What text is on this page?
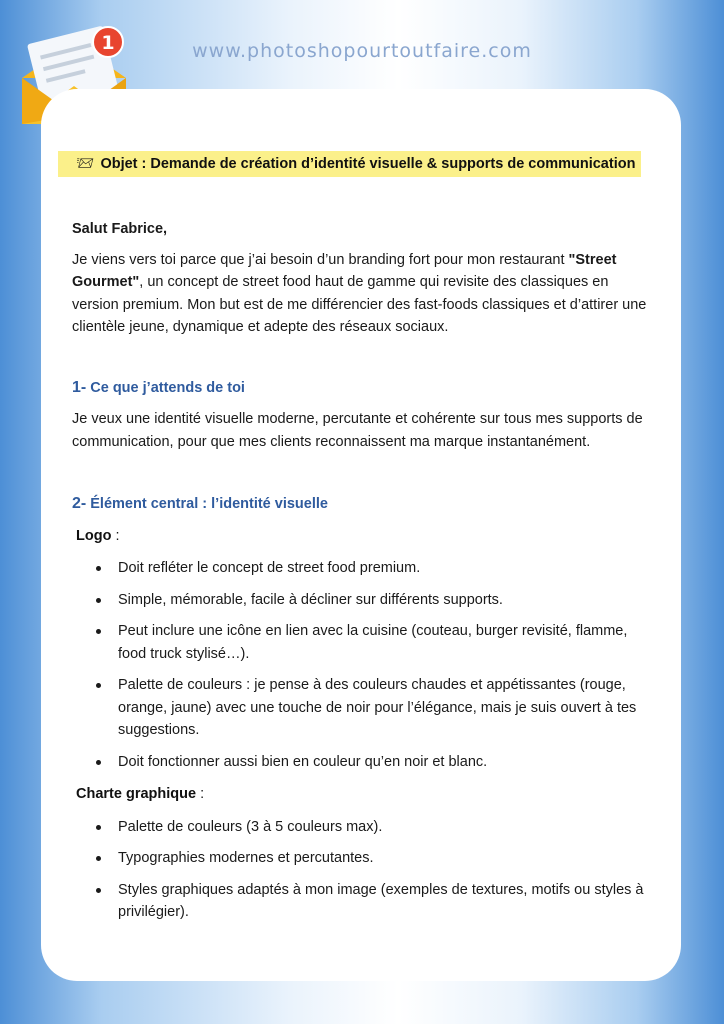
www.photoshopourtoutfaire.com
1
📨︎ Objet : Demande de création d’identité visuelle & supports de communication

Salut Fabrice,

Je viens vers toi parce que j’ai besoin d’un branding fort pour mon restaurant "Street Gourmet", un concept de street food haut de gamme qui revisite des classiques en version premium. Mon but est de me différencier des fast-foods classiques et d’attirer une clientèle jeune, dynamique et adepte des réseaux sociaux.

1- Ce que j’attends de toi

Je veux une identité visuelle moderne, percutante et cohérente sur tous mes supports de communication, pour que mes clients reconnaissent ma marque instantanément.

2- Élément central : l’identité visuelle

Logo :

Doit refléter le concept de street food premium.
Simple, mémorable, facile à décliner sur différents supports.
Peut inclure une icône en lien avec la cuisine (couteau, burger revisité, flamme, food truck stylisé…).
Palette de couleurs : je pense à des couleurs chaudes et appétissantes (rouge, orange, jaune) avec une touche de noir pour l’élégance, mais je suis ouvert à tes suggestions.
Doit fonctionner aussi bien en couleur qu’en noir et blanc.

Charte graphique :

Palette de couleurs (3 à 5 couleurs max).
Typographies modernes et percutantes.
Styles graphiques adaptés à mon image (exemples de textures, motifs ou styles à privilégier).
